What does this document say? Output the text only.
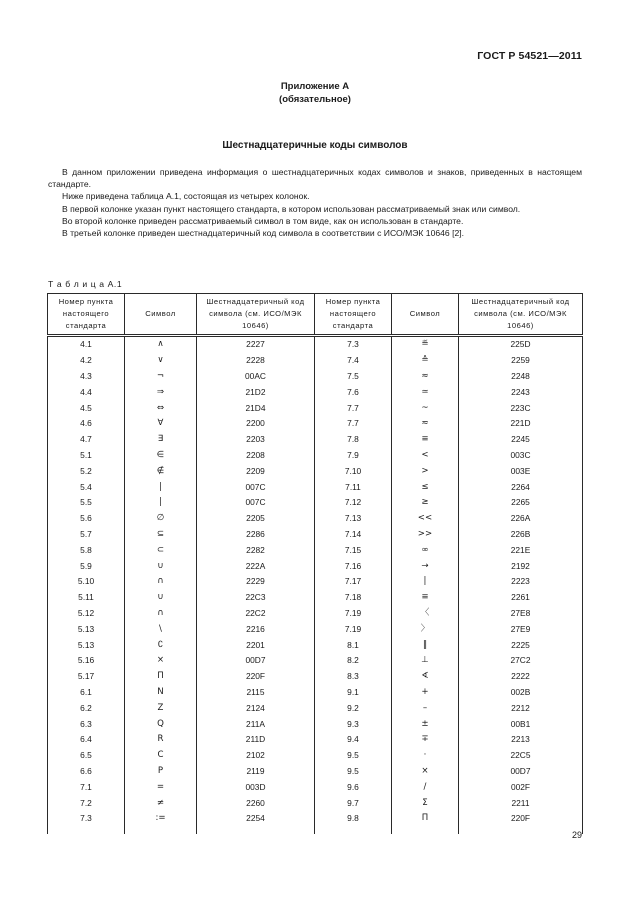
ГОСТ Р 54521—2011
Приложение А
(обязательное)
Шестнадцатеричные коды символов

В данном приложении приведена информация о шестнадцатеричных кодах символов и знаков, приведенных в настоящем стандарте.

Ниже приведена таблица А.1, состоящая из четырех колонок.

В первой колонке указан пункт настоящего стандарта, в котором использован рассматриваемый знак или символ.

Во второй колонке приведен рассматриваемый символ в том виде, как он использован в стандарте.

В третьей колонке приведен шестнадцатеричный код символа в соответствии с ИСО/МЭК 10646 [2].

Т а б л и ц а А.1
Номер пункта настоящего стандарта	Символ	Шестнадцатеричный код символа (см. ИСО/МЭК 10646)	Номер пункта настоящего стандарта	Символ	Шестнадцатеричный код символа (см. ИСО/МЭК 10646)
4.1	∧	2227	7.3	≝	225D
4.2	∨	2228	7.4	≙	2259
4.3	¬	00AC	7.5	≈	2248
4.4	⇒	21D2	7.6	≃	2243
4.5	⇔	21D4	7.7	~	223C
4.6	∀	2200	7.7	≂	221D
4.7	∃	2203	7.8	≡	2245
5.1	∈	2208	7.9	<	003C
5.2	∉	2209	7.10	>	003E
5.4	|	007C	7.11	≤	2264
5.5	|	007C	7.12	≥	2265
5.6	∅	2205	7.13	<<	226A
5.7	⊆	2286	7.14	>>	226B
5.8	⊂	2282	7.15	∞	221E
5.9	∪	222A	7.16	→	2192
5.10	∩	2229	7.17	|	2223
5.11	∪	22C3	7.18	≡	2261
5.12	∩	22C2	7.19	〈	27E8
5.13	\	2216	7.19	〉	27E9
5.13	∁	2201	8.1	‖	2225
5.16	×	00D7	8.2	⊥	27C2
5.17	Π	220F	8.3	∢	2222
6.1	N	2115	9.1	+	002B
6.2	Z	2124	9.2	–	2212
6.3	Q	211A	9.3	±	00B1
6.4	R	211D	9.4	∓	2213
6.5	C	2102	9.5	·	22C5
6.6	P	2119	9.5	×	00D7
7.1	=	003D	9.6	/	002F
7.2	≠	2260	9.7	Σ	2211
7.3	:=	2254	9.8	Π	220F

29
